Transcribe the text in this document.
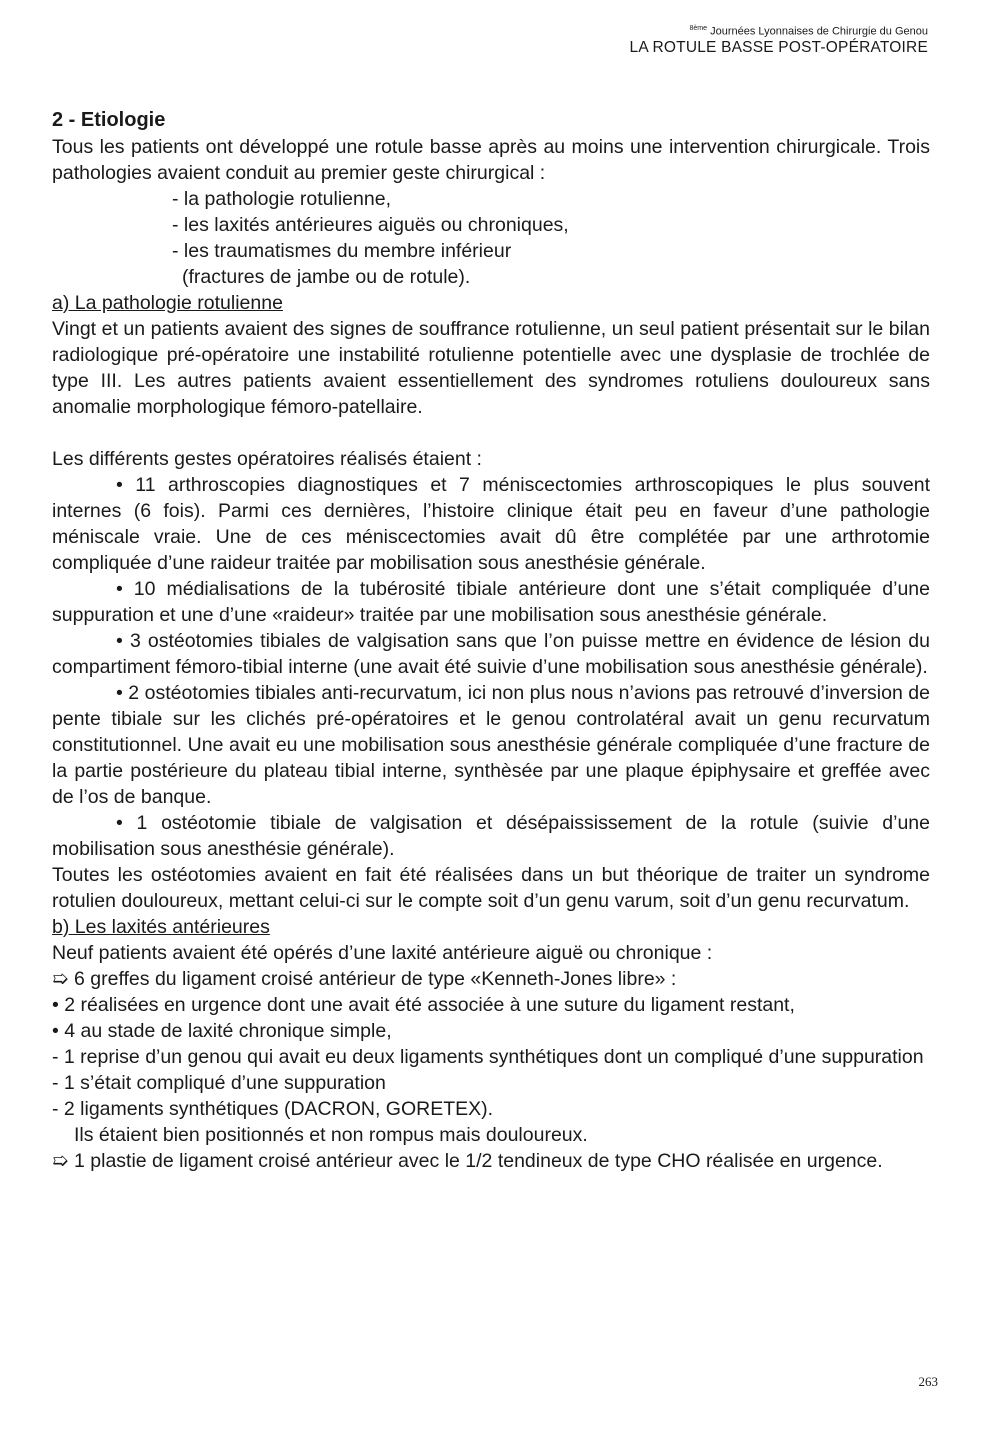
$^{8ème}$ Journées Lyonnaises de Chirurgie du Genou
LA ROTULE BASSE POST-OPÉRATOIRE

2 - Etiologie

Tous les patients ont développé une rotule basse après au moins une intervention chirurgicale. Trois pathologies avaient conduit au premier geste chirurgical :

- la pathologie rotulienne,

- les laxités antérieures aiguës ou chroniques,

- les traumatismes du membre inférieur

(fractures de jambe ou de rotule).

a) La pathologie rotulienne

Vingt et un patients avaient des signes de souffrance rotulienne, un seul patient présentait sur le bilan radiologique pré-opératoire une instabilité rotulienne potentielle avec une dysplasie de trochlée de type III. Les autres patients avaient essentiellement des syndromes rotuliens douloureux sans anomalie morphologique fémoro-patellaire.

Les différents gestes opératoires réalisés étaient :

• 11 arthroscopies diagnostiques et 7 méniscectomies arthroscopiques le plus souvent internes (6 fois). Parmi ces dernières, l’histoire clinique était peu en faveur d’une pathologie méniscale vraie. Une de ces méniscectomies avait dû être complétée par une arthrotomie compliquée d’une raideur traitée par mobilisation sous anesthésie générale.

• 10 médialisations de la tubérosité tibiale antérieure dont une s’était compliquée d’une suppuration et une d’une «raideur» traitée par une mobilisation sous anesthésie générale.

• 3 ostéotomies tibiales de valgisation sans que l’on puisse mettre en évidence de lésion du compartiment fémoro-tibial interne (une avait été suivie d’une mobilisation sous anesthésie générale).

• 2 ostéotomies tibiales anti-recurvatum, ici non plus nous n’avions pas retrouvé d’inversion de pente tibiale sur les clichés pré-opératoires et le genou controlatéral avait un genu recurvatum constitutionnel. Une avait eu une mobilisation sous anesthésie générale compliquée d’une fracture de la partie postérieure du plateau tibial interne, synthèsée par une plaque épiphysaire et greffée avec de l’os de banque.

• 1 ostéotomie tibiale de valgisation et désépaississement de la rotule (suivie d’une mobilisation sous anesthésie générale).

Toutes les ostéotomies avaient en fait été réalisées dans un but théorique de traiter un syndrome rotulien douloureux, mettant celui-ci sur le compte soit d’un genu varum, soit d’un genu recurvatum.

b) Les laxités antérieures

Neuf patients avaient été opérés d’une laxité antérieure aiguë ou chronique :

➯ 6 greffes du ligament croisé antérieur de type «Kenneth-Jones libre» :

• 2 réalisées en urgence dont une avait été associée à une suture du ligament restant,

• 4 au stade de laxité chronique simple,

- 1 reprise d’un genou qui avait eu deux ligaments synthétiques dont un compliqué d’une suppuration

- 1 s’était compliqué d’une suppuration

- 2 ligaments synthétiques (DACRON, GORETEX).

Ils étaient bien positionnés et non rompus mais douloureux.

➯ 1 plastie de ligament croisé antérieur avec le 1/2 tendineux de type CHO réalisée en urgence.

263
